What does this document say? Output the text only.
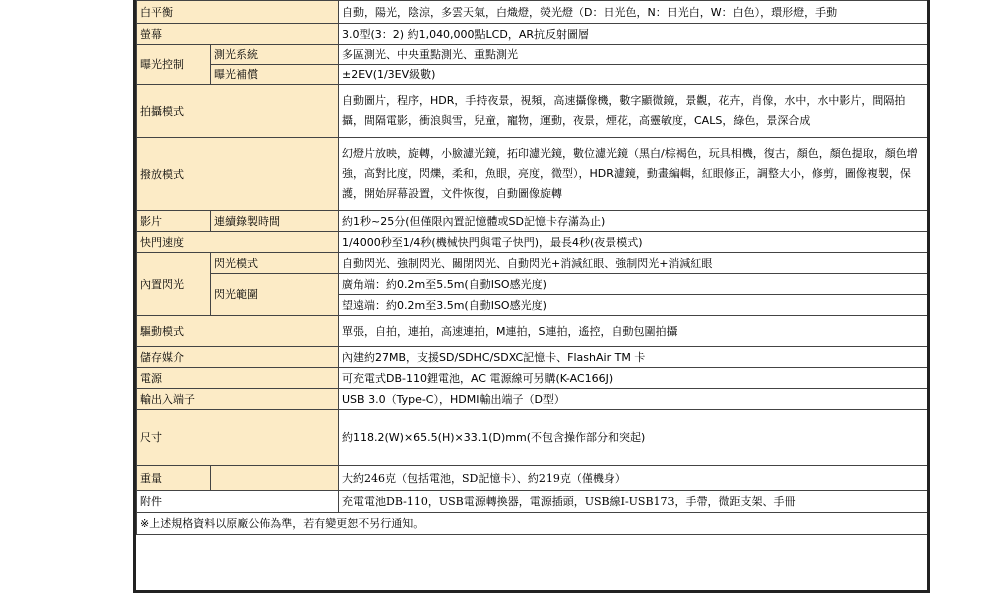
白平衡		自動，陽光，陰涼，多雲天氣，白熾燈，熒光燈（D：日光色，N：日光白，W：白色），環形燈，手動
螢幕		3.0型(3：2) 約1,040,000點LCD，AR抗反射圖層
曝光控制	測光系統	多區測光、中央重點測光、重點測光
	曝光補償	±2EV(1/3EV級數)
拍攝模式		自動圖片，程序，HDR，手持夜景，視頻，高速攝像機，數字顯微鏡，景觀，花卉，肖像，水中，水中影片，間隔拍攝，間隔電影，衝浪與雪，兒童，寵物，運動，夜景，煙花，高靈敏度，CALS，綠色，景深合成
撥放模式		幻燈片放映，旋轉，小臉濾光鏡，拓印濾光鏡，數位濾光鏡（黑白/棕褐色，玩具相機，復古，顏色，顏色提取，顏色增強，高對比度，閃爍，柔和，魚眼，亮度，微型），HDR濾鏡，動畫編輯，紅眼修正，調整大小，修剪，圖像複製，保護，開始屏幕設置，文件恢復，自動圖像旋轉
影片	連續錄製時間	約1秒~25分(但僅限內置記憶體或SD記憶卡存滿為止)
快門速度		1/4000秒至1/4秒(機械快門與電子快門)，最長4秒(夜景模式)
內置閃光	閃光模式	自動閃光、強制閃光、關閉閃光、自動閃光+消減紅眼、強制閃光+消減紅眼
	閃光範圍	廣角端：約0.2m至5.5m(自動ISO感光度)
		望遠端：約0.2m至3.5m(自動ISO感光度)
驅動模式		單張，自拍，連拍，高速連拍，M連拍，S連拍，遙控，自動包圍拍攝
儲存媒介		內建約27MB，支援SD/SDHC/SDXC記憶卡、FlashAir TM 卡
電源		可充電式DB-110鋰電池，AC 電源線可另購(K-AC166J)
輸出入端子		USB 3.0（Type-C），HDMI輸出端子（D型）
尺寸		約118.2(W)×65.5(H)×33.1(D)mm(不包含操作部分和突起)
重量		大約246克（包括電池，SD記憶卡）、約219克（僅機身）
附件		充電電池DB-110，USB電源轉換器，電源插頭，USB線I-USB173，手帶，微距支架、手冊
※上述規格資料以原廠公佈為準，若有變更恕不另行通知。		
